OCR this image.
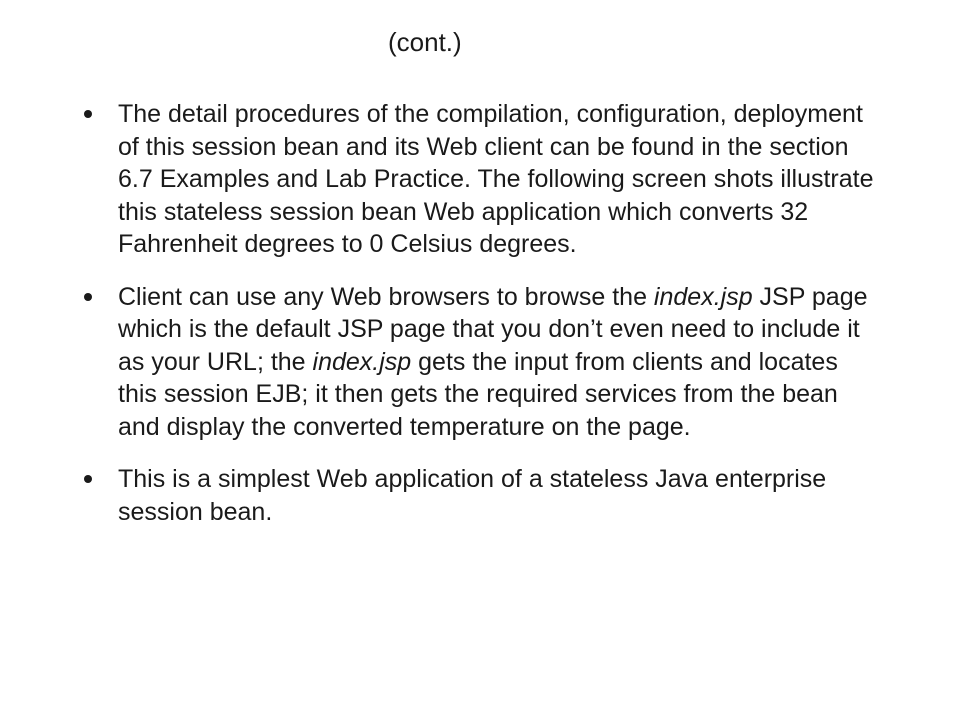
(cont.)
The detail procedures of the compilation, configuration, deployment of this session bean and its Web client can be found in the section 6.7 Examples and Lab Practice. The following screen shots illustrate this stateless session bean Web application which converts 32 Fahrenheit degrees to 0 Celsius degrees.
Client can use any Web browsers to browse the index.jsp JSP page which is the default JSP page that you don’t even need to include it as your URL; the index.jsp gets the input from clients and locates this session EJB; it then gets the required services from the bean and display the converted temperature on the page.
This is a simplest Web application of a stateless Java enterprise session bean.
